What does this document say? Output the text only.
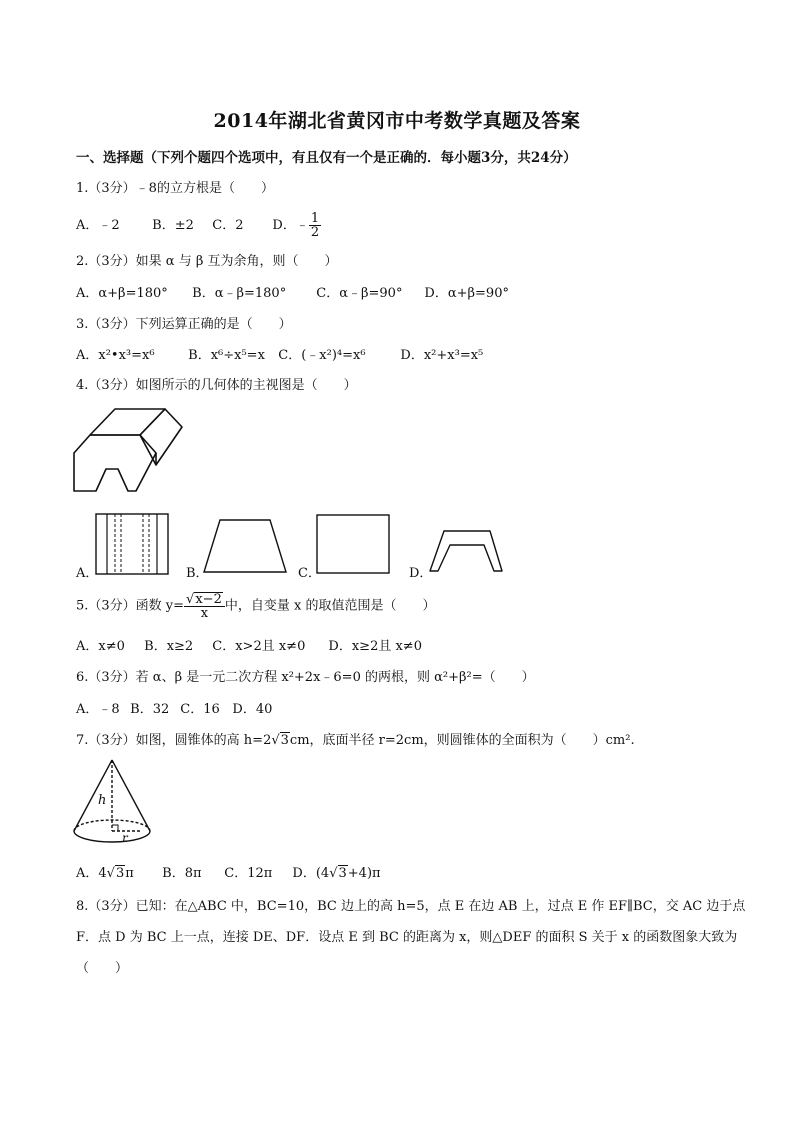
2014年湖北省黄冈市中考数学真题及答案
一、选择题（下列个题四个选项中，有且仅有一个是正确的．每小题3分，共24分）
1.（3分）﹣8的立方根是（　　）
A．﹣2 B．±2 C．2 D．﹣ $\frac{1}{2}$
2.（3分）如果 α 与 β 互为余角，则（　　）
A．α+β=180° B．α﹣β=180° C．α﹣β=90° D．α+β=90°
3.（3分）下列运算正确的是（　　）
A．x²•x³=x⁶	B．x⁶÷x⁵=x C．(﹣x²)⁴=x⁶	D．x²+x³=x⁵
4.（3分）如图所示的几何体的主视图是（　　）
A．	B．	C．	D．
5.（3分）函数 $y= \frac{√x-2}{x}$ 中，自变量 x 的取值范围是（　　）
A．x≠0 B．x≥2 C．x>2且 x≠0 D．x≥2且 x≠0
6.（3分）若 α、β 是一元二次方程 x²+2x﹣6=0 的两根，则 α²+β²=（　　）
A．﹣8 B．32 C．16 D．40
7.（3分）如图，圆锥体的高 h=2√3cm，底面半径 r=2cm，则圆锥体的全面积为（　　）cm².
h
r
A．4√3π B．8π C．12π D．(4√3+4)π
8.（3分）已知：在△ABC 中，BC=10，BC 边上的高 h=5，点 E 在边 AB 上，过点 E 作 EF∥BC，交 AC 边于点
F．点 D 为 BC 上一点，连接 DE、DF．设点 E 到 BC 的距离为 x，则△DEF 的面积 S 关于 x 的函数图象大致为
（　　）
